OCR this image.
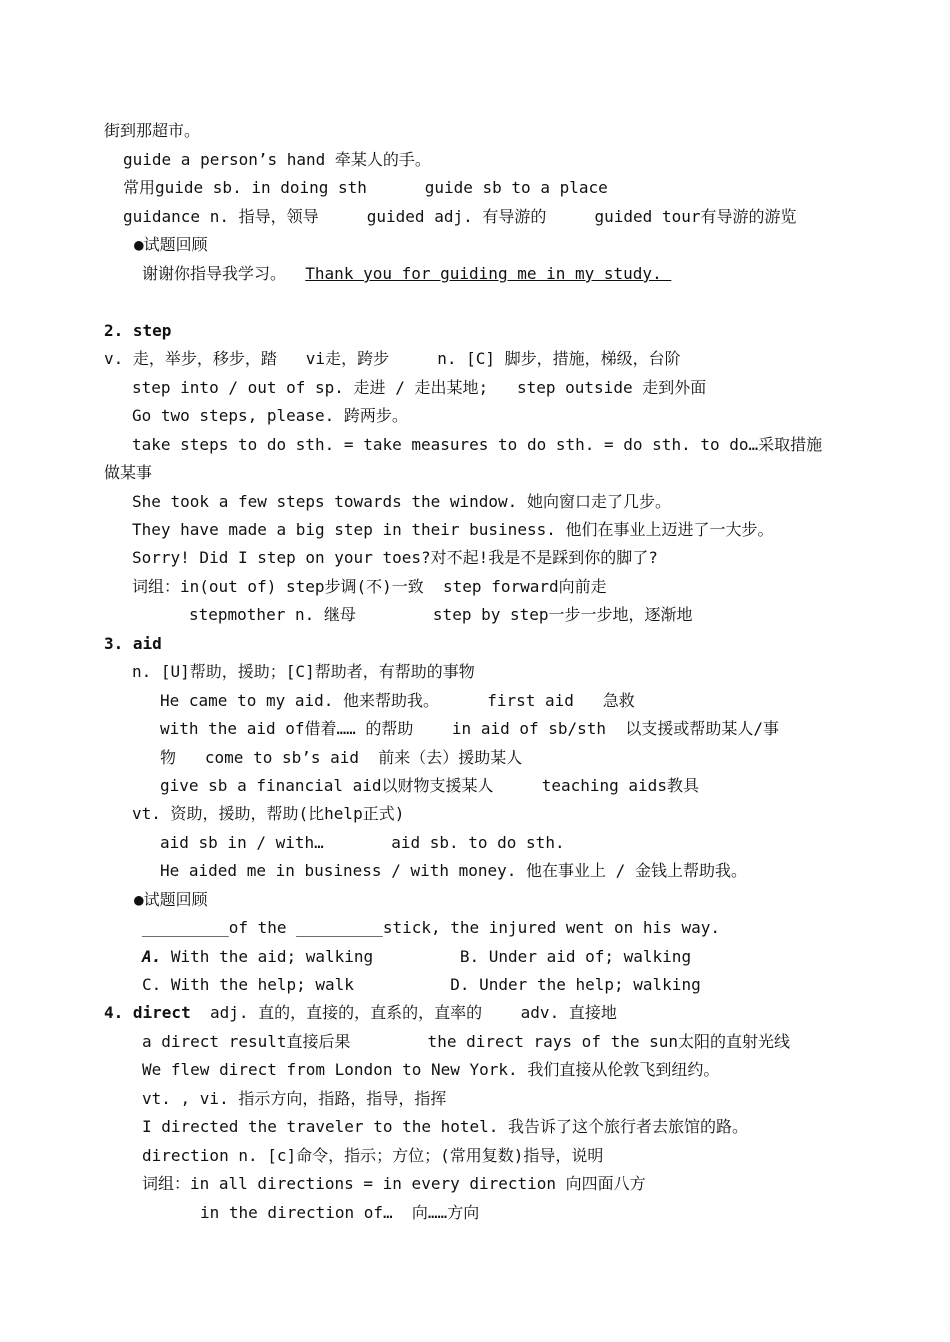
街到那超市。
guide a person’s hand 牵某人的手。
常用guide sb. in doing sth      guide sb to a place
guidance n. 指导，领导     guided adj. 有导游的     guided tour有导游的游览
●试题回顾
谢谢你指导我学习。  Thank you for guiding me in my study.
2. step
v. 走，举步，移步，踏   vi走，跨步     n. [C] 脚步，措施，梯级，台阶
step into / out of sp. 走进 / 走出某地;   step outside 走到外面
Go two steps, please. 跨两步。
take steps to do sth. = take measures to do sth. = do sth. to do…采取措施
做某事
She took a few steps towards the window. 她向窗口走了几步。
They have made a big step in their business. 他们在事业上迈进了一大步。
Sorry! Did I step on your toes?对不起!我是不是踩到你的脚了?
词组：in(out of) step步调(不)一致  step forward向前走
stepmother n. 继母        step by step一步一步地，逐渐地
3. aid
n. [U]帮助，援助；[C]帮助者，有帮助的事物
He came to my aid. 他来帮助我。     first aid   急救
with the aid of借着…… 的帮助    in aid of sb/sth  以支援或帮助某人/事
物   come to sb’s aid  前来（去）援助某人
give sb a financial aid以财物支援某人     teaching aids教具
vt. 资助，援助，帮助(比help正式)
aid sb in / with…       aid sb. to do sth.
He aided me in business / with money. 他在事业上 / 金钱上帮助我。
●试题回顾
_________of the _________stick, the injured went on his way.
A. With the aid; walking         B. Under aid of; walking
C. With the help; walk          D. Under the help; walking
4. direct  adj. 直的，直接的，直系的，直率的    adv. 直接地
a direct result直接后果        the direct rays of the sun太阳的直射光线
We flew direct from London to New York. 我们直接从伦敦飞到纽约。
vt. , vi. 指示方向，指路，指导，指挥
I directed the traveler to the hotel. 我告诉了这个旅行者去旅馆的路。
direction n. [c]命令，指示；方位；(常用复数)指导，说明
词组：in all directions = in every direction 向四面八方
in the direction of…  向……方向
